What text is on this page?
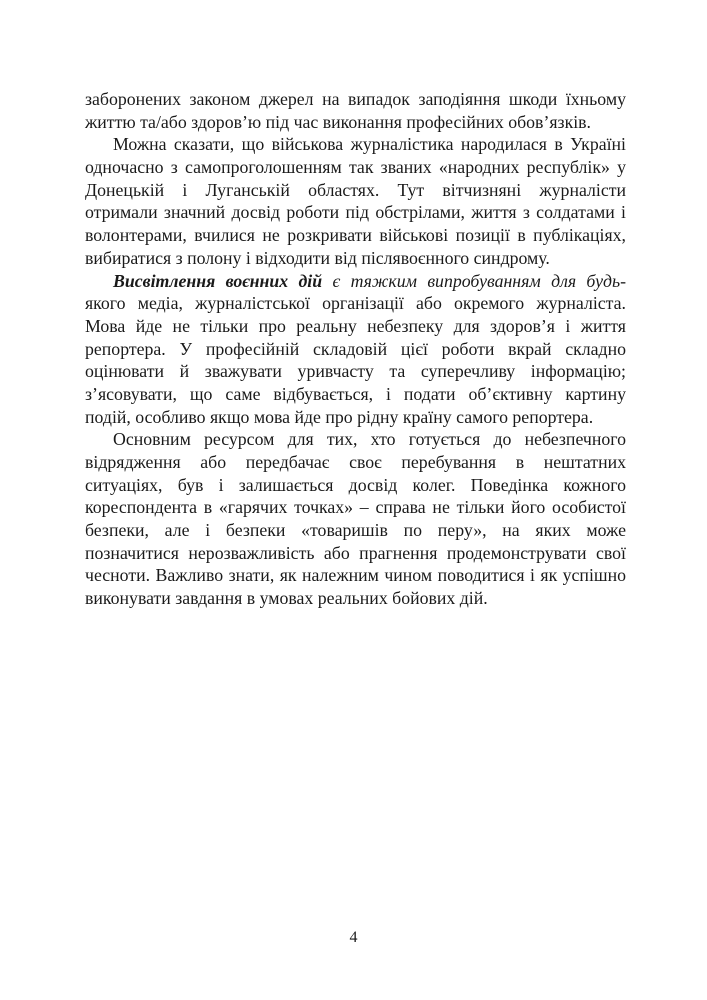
заборонених законом джерел на випадок заподіяння шкоди їхньому
життю та/або здоров’ю під час виконання професійних обов’язків.
Можна сказати, що військова журналістика народилася в Україні
одночасно з самопроголошенням так званих «народних республік» у
Донецькій і Луганській областях. Тут вітчизняні журналісти
отримали значний досвід роботи під обстрілами, життя з солдатами і
волонтерами, вчилися не розкривати військові позиції в публікаціях,
вибиратися з полону і відходити від післявоєнного синдрому.
Висвітлення воєнних дій є тяжким випробуванням для будь-
якого медіа, журналістської організації або окремого журналіста.
Мова йде не тільки про реальну небезпеку для здоров’я і життя
репортера. У професійній складовій цієї роботи вкрай складно
оцінювати й зважувати уривчасту та суперечливу інформацію;
з’ясовувати, що саме відбувається, і подати об’єктивну картину
подій, особливо якщо мова йде про рідну країну самого репортера.
Основним ресурсом для тих, хто готується до небезпечного
відрядження або передбачає своє перебування в нештатних
ситуаціях, був і залишається досвід колег. Поведінка кожного
кореспондента в «гарячих точках» – справа не тільки його особистої
безпеки, але і безпеки «товаришів по перу», на яких може
позначитися нерозважливість або прагнення продемонструвати свої
чесноти. Важливо знати, як належним чином поводитися і як успішно
виконувати завдання в умовах реальних бойових дій.
4
